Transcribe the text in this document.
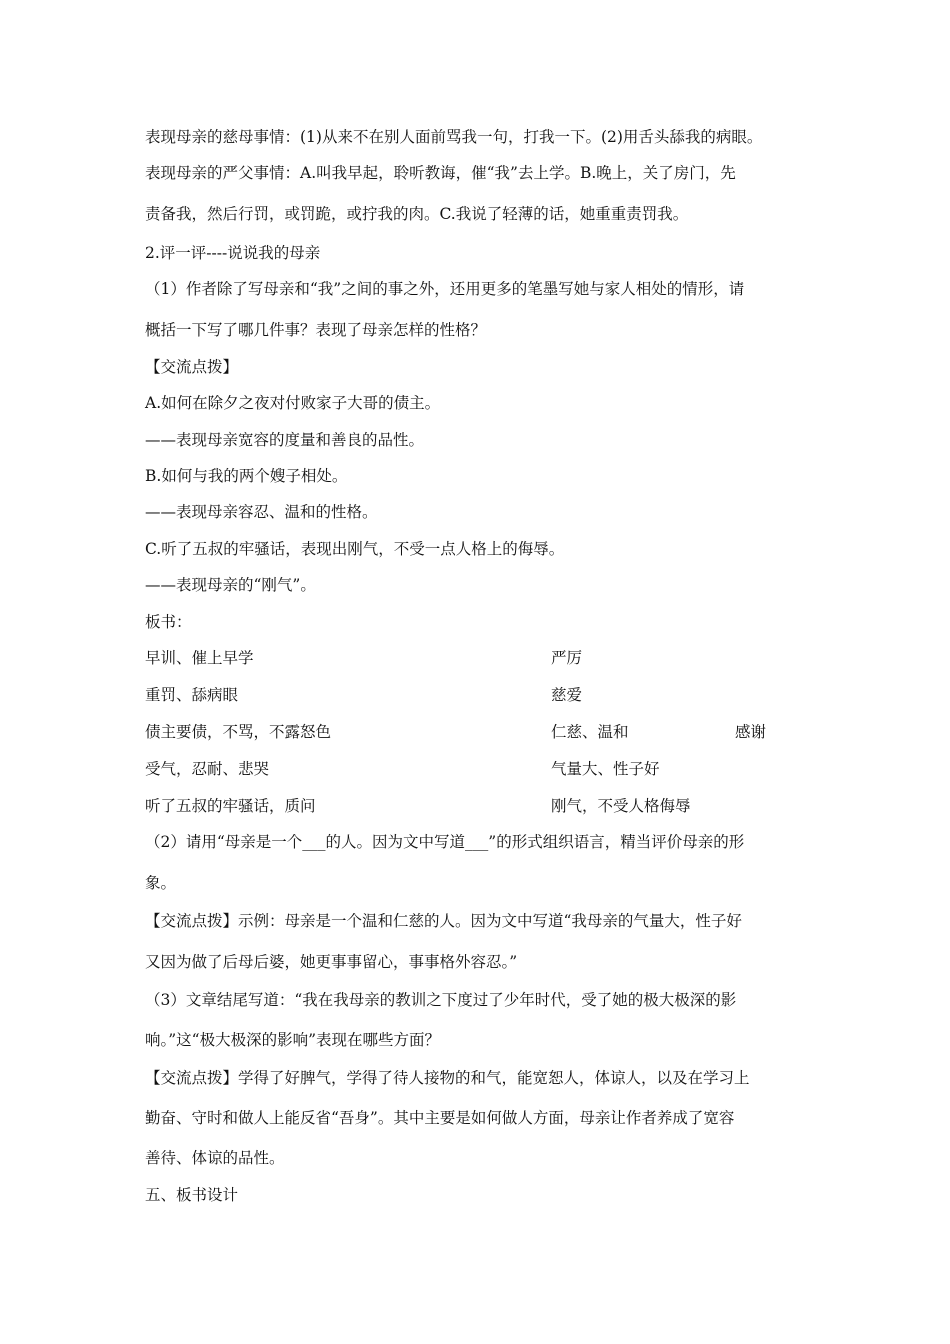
表现母亲的慈母事情：(1)从来不在别人面前骂我一句，打我一下。(2)用舌头舔我的病眼。
表现母亲的严父事情：A.叫我早起，聆听教诲，催“我”去上学。B.晚上，关了房门，先
责备我，然后行罚，或罚跪，或拧我的肉。C.我说了轻薄的话，她重重责罚我。
2.评一评----说说我的母亲
（1）作者除了写母亲和“我”之间的事之外，还用更多的笔墨写她与家人相处的情形，请
概括一下写了哪几件事？表现了母亲怎样的性格？
【交流点拨】
A.如何在除夕之夜对付败家子大哥的债主。
——表现母亲宽容的度量和善良的品性。
B.如何与我的两个嫂子相处。
——表现母亲容忍、温和的性格。
C.听了五叔的牢骚话，表现出刚气，不受一点人格上的侮辱。
——表现母亲的“刚气”。
板书：
早训、催上早学	严厉
重罚、舔病眼	慈爱
债主要债，不骂，不露怒色	仁慈、温和	感谢
受气，忍耐、悲哭	气量大、性子好
听了五叔的牢骚话，质问	刚气，不受人格侮辱
（2）请用“母亲是一个___的人。因为文中写道___”的形式组织语言，精当评价母亲的形
象。
【交流点拨】示例：母亲是一个温和仁慈的人。因为文中写道“我母亲的气量大，性子好
又因为做了后母后婆，她更事事留心，事事格外容忍。”
（3）文章结尾写道：“我在我母亲的教训之下度过了少年时代，受了她的极大极深的影
响。”这“极大极深的影响”表现在哪些方面？
【交流点拨】学得了好脾气，学得了待人接物的和气，能宽恕人，体谅人，以及在学习上
勤奋、守时和做人上能反省“吾身”。其中主要是如何做人方面，母亲让作者养成了宽容
善待、体谅的品性。
五、板书设计
